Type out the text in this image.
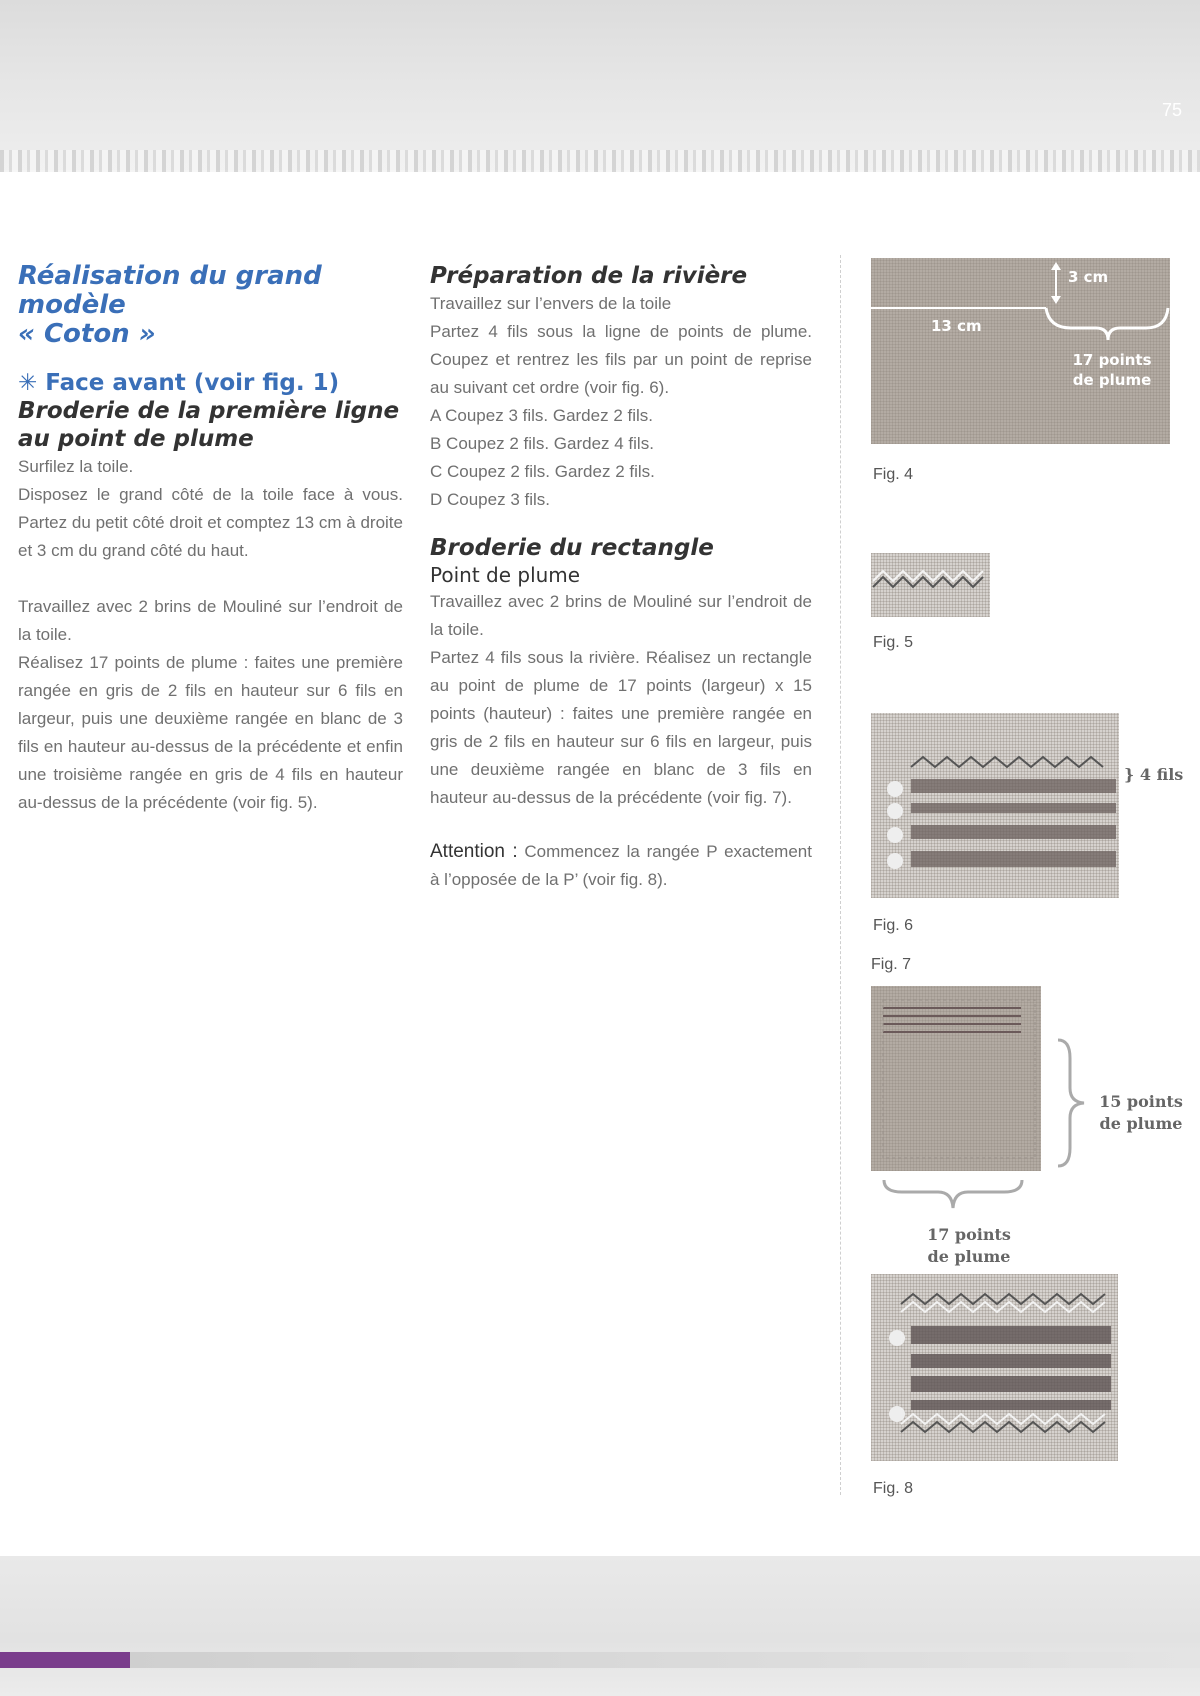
75
Réalisation du grand modèle
« Coton »
✳ Face avant (voir fig. 1)
Broderie de la première ligne
au point de plume

Surfilez la toile.

Disposez le grand côté de la toile face à vous. Partez du petit côté droit et comptez 13 cm à droite et 3 cm du grand côté du haut.

Travaillez avec 2 brins de Mouliné sur l’endroit de la toile.

Réalisez 17 points de plume : faites une première rangée en gris de 2 fils en hauteur sur 6 fils en largeur, puis une deuxième rangée en blanc de 3 fils en hauteur au-dessus de la précédente et enfin une troisième rangée en gris de 4 fils en hauteur au-dessus de la précédente (voir fig. 5).

Préparation de la rivière

Travaillez sur l’envers de la toile

Partez 4 fils sous la ligne de points de plume. Coupez et rentrez les fils par un point de reprise au suivant cet ordre (voir fig. 6).

A Coupez 3 fils. Gardez 2 fils.

B Coupez 2 fils. Gardez 4 fils.

C Coupez 2 fils. Gardez 2 fils.

D Coupez 3 fils.

Broderie du rectangle

Point de plume

Travaillez avec 2 brins de Mouliné sur l’endroit de la toile.

Partez 4 fils sous la rivière. Réalisez un rectangle au point de plume de 17 points (largeur) x 15 points (hauteur) : faites une première rangée en gris de 2 fils en hauteur sur 6 fils en largeur, puis une deuxième rangée en blanc de 3 fils en hauteur au-dessus de la précédente (voir fig. 7).

Attention : Commencez la rangée P exactement à l’opposée de la P’ (voir fig. 8).

3 cm
13 cm
17 points
de plume
Fig. 4
Fig. 5
} 4 fils
Fig. 6
Fig. 7
15 points
de plume
17 points
de plume
Fig. 8
